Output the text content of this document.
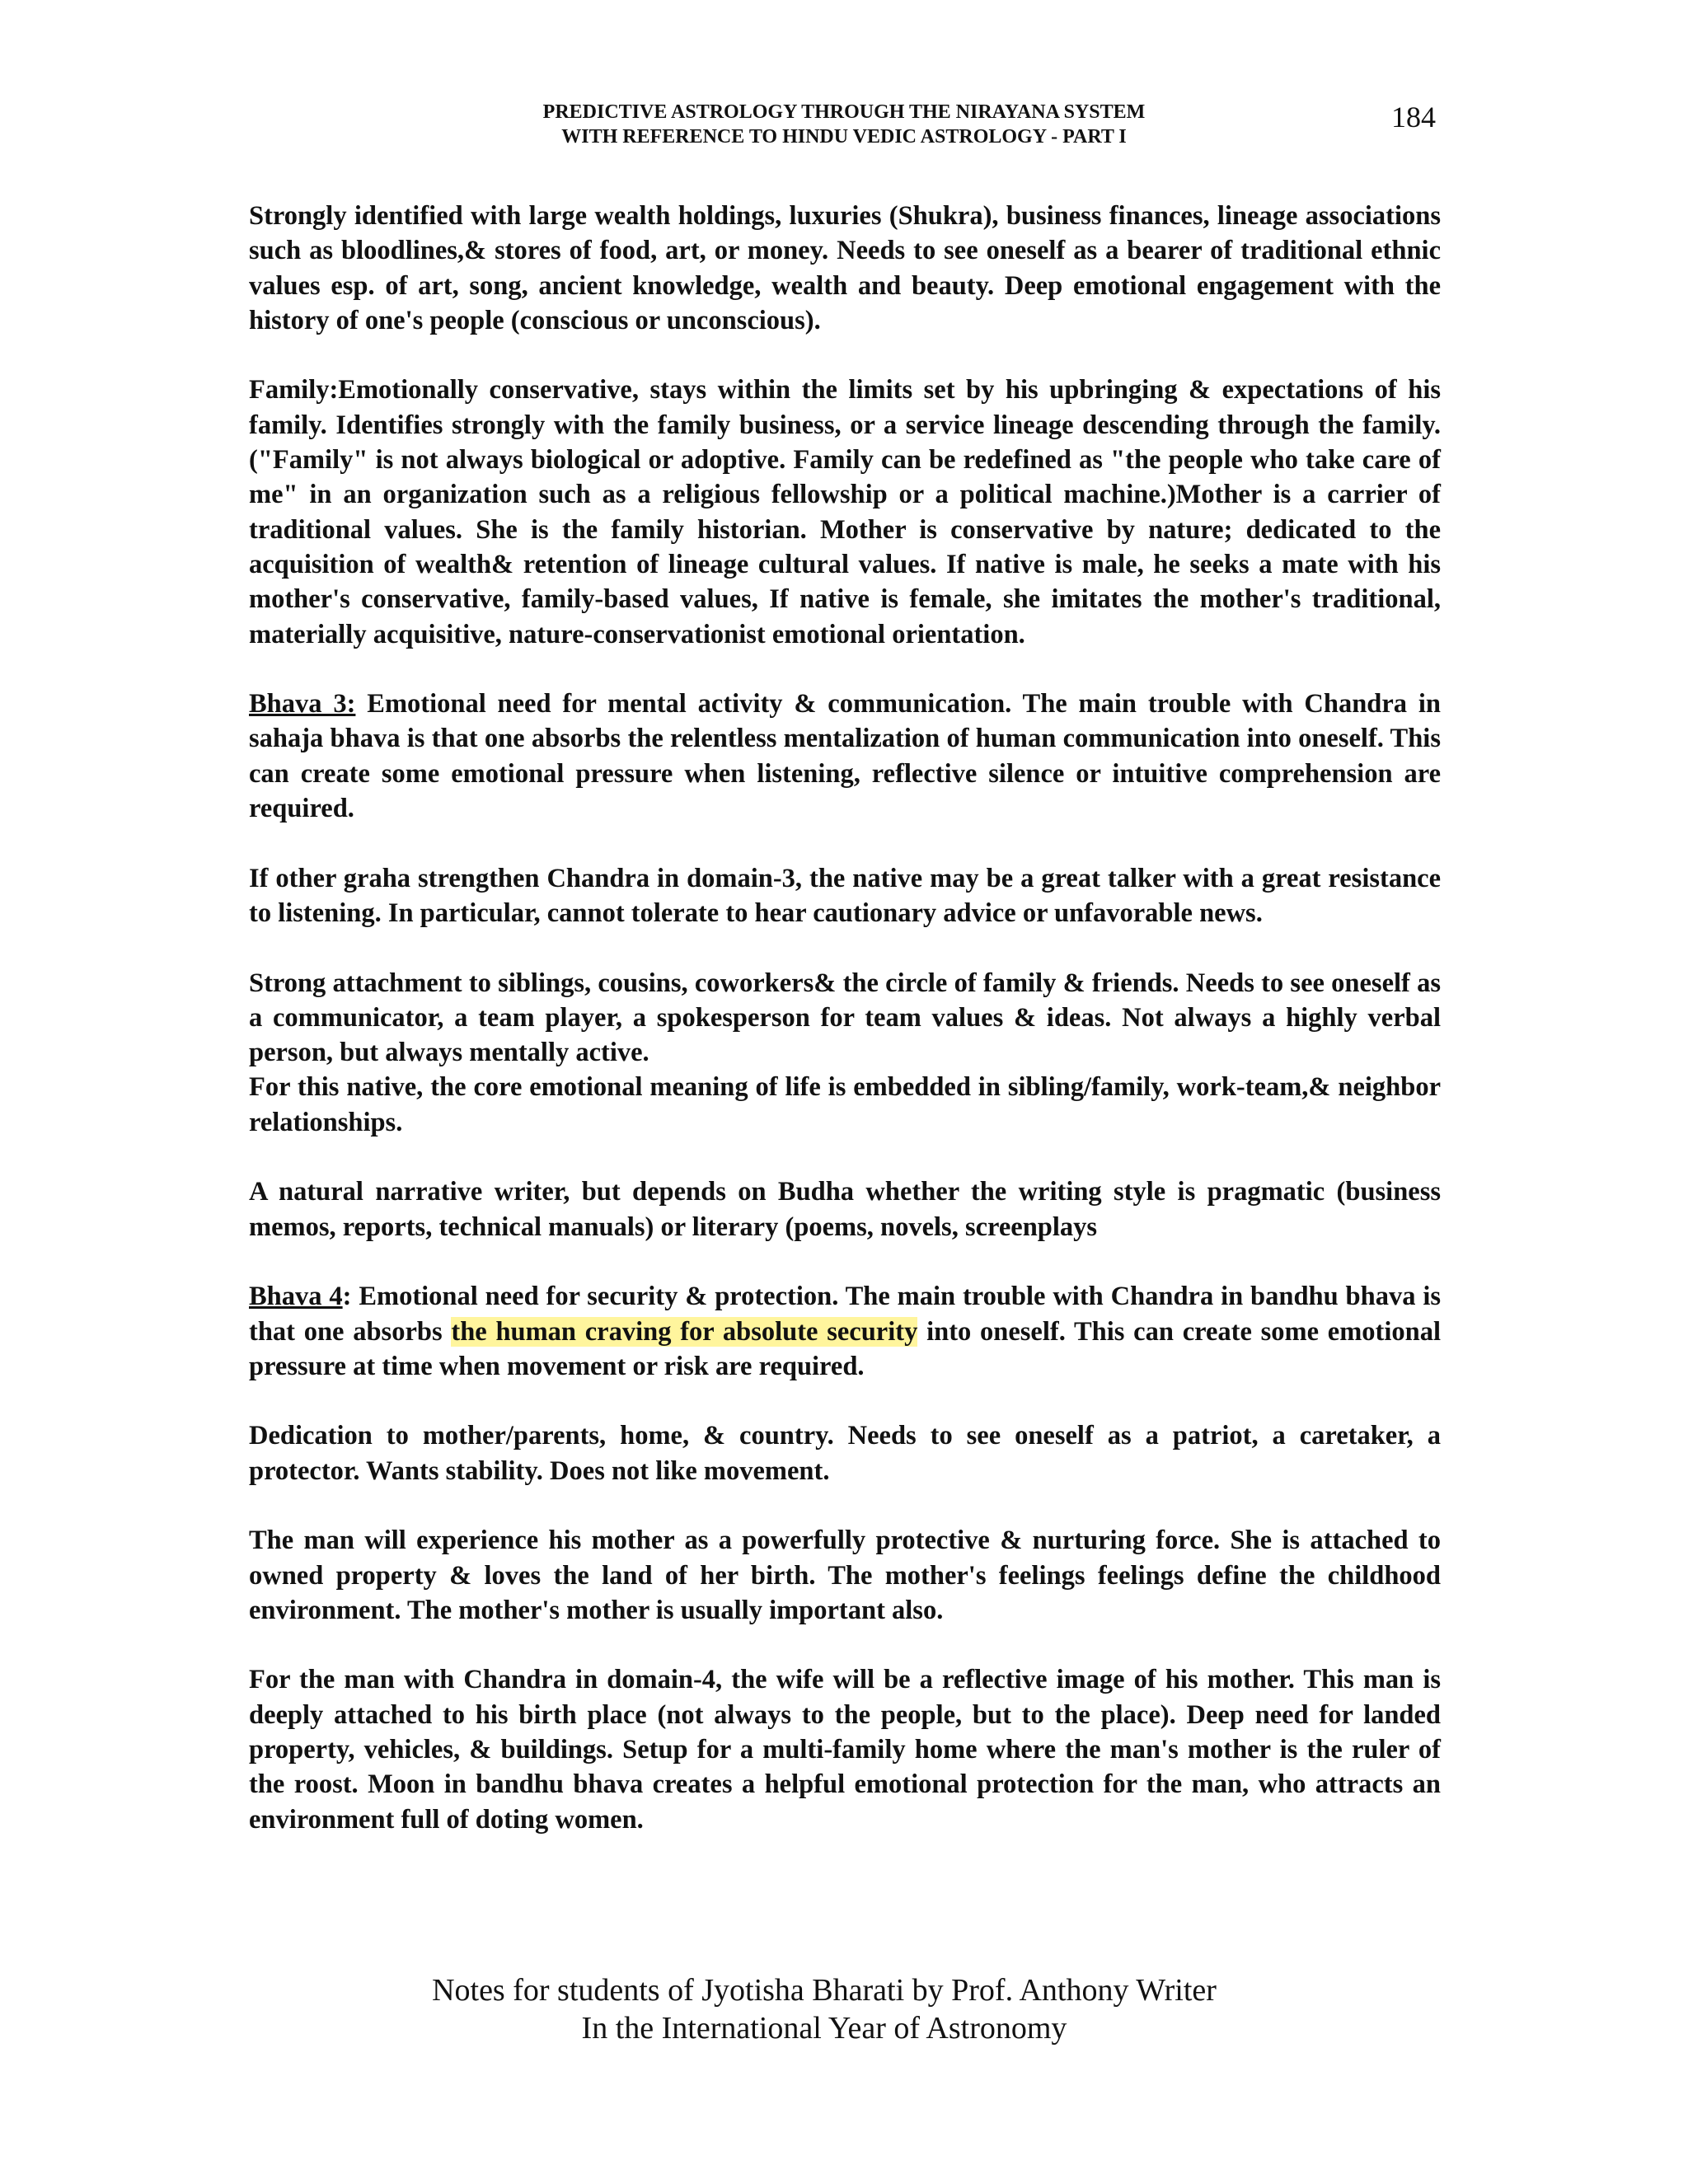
PREDICTIVE ASTROLOGY THROUGH THE NIRAYANA SYSTEM
WITH REFERENCE TO HINDU VEDIC ASTROLOGY - PART I
184

Strongly identified with large wealth holdings, luxuries (Shukra), business finances, lineage associations such as bloodlines,& stores of food, art, or money. Needs to see oneself as a bearer of traditional ethnic values esp. of art, song, ancient knowledge, wealth and beauty. Deep emotional engagement with the history of one's people (conscious or unconscious).

Family:Emotionally conservative, stays within the limits set by his upbringing & expectations of his family. Identifies strongly with the family business, or a service lineage descending through the family. ("Family" is not always biological or adoptive. Family can be redefined as "the people who take care of me" in an organization such as a religious fellowship or a political machine.)Mother is a carrier of traditional values. She is the family historian. Mother is conservative by nature; dedicated to the acquisition of wealth& retention of lineage cultural values. If native is male, he seeks a mate with his mother's conservative, family-based values, If native is female, she imitates the mother's traditional, materially acquisitive, nature-conservationist emotional orientation.

Bhava 3: Emotional need for mental activity & communication. The main trouble with Chandra in sahaja bhava is that one absorbs the relentless mentalization of human communication into oneself. This can create some emotional pressure when listening, reflective silence or intuitive comprehension are required.

If other graha strengthen Chandra in domain-3, the native may be a great talker with a great resistance to listening. In particular, cannot tolerate to hear cautionary advice or unfavorable news.

Strong attachment to siblings, cousins, coworkers& the circle of family & friends. Needs to see oneself as a communicator, a team player, a spokesperson for team values & ideas. Not always a highly verbal person, but always mentally active.

For this native, the core emotional meaning of life is embedded in sibling/family, work-team,& neighbor relationships.

A natural narrative writer, but depends on Budha whether the writing style is pragmatic (business memos, reports, technical manuals) or literary (poems, novels, screenplays

Bhava 4: Emotional need for security & protection. The main trouble with Chandra in bandhu bhava is that one absorbs the human craving for absolute security into oneself. This can create some emotional pressure at time when movement or risk are required.

Dedication to mother/parents, home, & country. Needs to see oneself as a patriot, a caretaker, a protector. Wants stability. Does not like movement.

The man will experience his mother as a powerfully protective & nurturing force. She is attached to owned property & loves the land of her birth. The mother's feelings feelings define the childhood environment. The mother's mother is usually important also.

For the man with Chandra in domain-4, the wife will be a reflective image of his mother. This man is deeply attached to his birth place (not always to the people, but to the place). Deep need for landed property, vehicles, & buildings. Setup for a multi-family home where the man's mother is the ruler of the roost. Moon in bandhu bhava creates a helpful emotional protection for the man, who attracts an environment full of doting women.

Notes for students of Jyotisha Bharati by Prof. Anthony Writer
In the International Year of Astronomy
